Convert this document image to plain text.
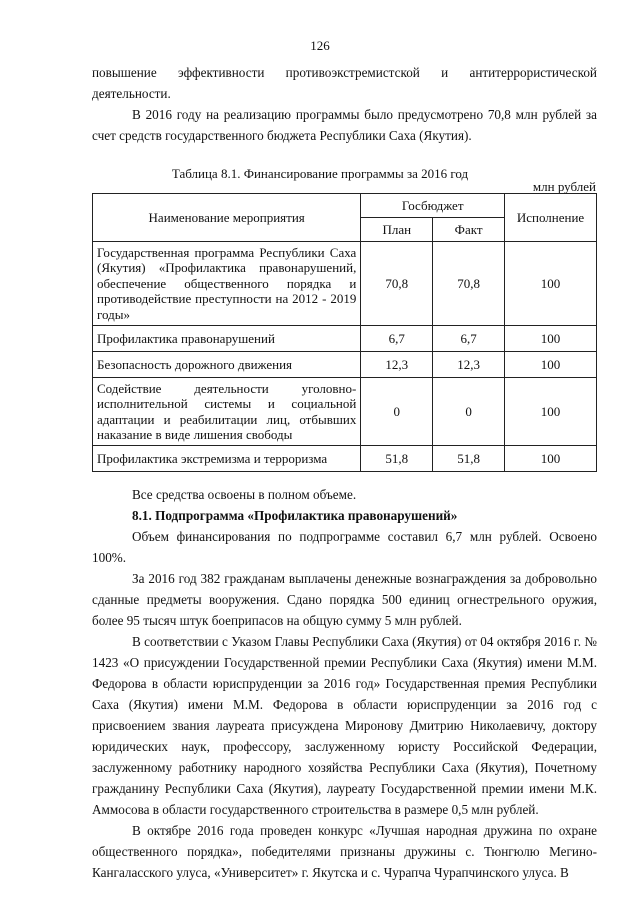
126

повышение эффективности противоэкстремистской и антитеррористической деятельности.

В 2016 году на реализацию программы было предусмотрено 70,8 млн рублей за счет средств государственного бюджета Республики Саха (Якутия).

Таблица 8.1. Финансирование программы за 2016 год
млн рублей
Наименование мероприятия	Госбюджет		Исполнение
	План	Факт	
Государственная программа Республики Саха (Якутия) «Профилактика правонарушений, обеспечение общественного порядка и противодействие преступности на 2012 - 2019 годы»	70,8	70,8	100
Профилактика правонарушений	6,7	6,7	100
Безопасность дорожного движения	12,3	12,3	100
Содействие деятельности уголовно-исполнительной системы и социальной адаптации и реабилитации лиц, отбывших наказание в виде лишения свободы	0	0	100
Профилактика экстремизма и терроризма	51,8	51,8	100

Все средства освоены в полном объеме.

8.1. Подпрограмма «Профилактика правонарушений»

Объем финансирования по подпрограмме составил 6,7 млн рублей. Освоено 100%.

За 2016 год 382 гражданам выплачены денежные вознаграждения за добровольно сданные предметы вооружения. Сдано порядка 500 единиц огнестрельного оружия, более 95 тысяч штук боеприпасов на общую сумму 5 млн рублей.

В соответствии с Указом Главы Республики Саха (Якутия) от 04 октября 2016 г. № 1423 «О присуждении Государственной премии Республики Саха (Якутия) имени М.М. Федорова в области юриспруденции за 2016 год» Государственная премия Республики Саха (Якутия) имени М.М. Федорова в области юриспруденции за 2016 год с присвоением звания лауреата присуждена Миронову Дмитрию Николаевичу, доктору юридических наук, профессору, заслуженному юристу Российской Федерации, заслуженному работнику народного хозяйства Республики Саха (Якутия), Почетному гражданину Республики Саха (Якутия), лауреату Государственной премии имени М.К. Аммосова в области государственного строительства в размере 0,5 млн рублей.

В октябре 2016 года проведен конкурс «Лучшая народная дружина по охране общественного порядка», победителями признаны дружины с. Тюнгюлю Мегино-Кангаласского улуса, «Университет» г. Якутска и с. Чурапча Чурапчинского улуса. В
